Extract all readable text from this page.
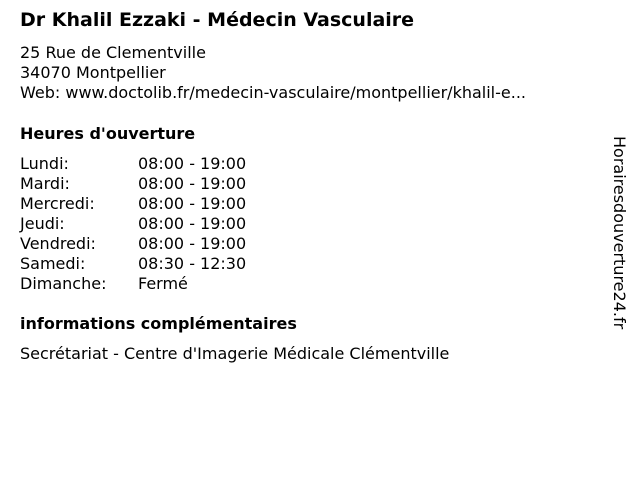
Dr Khalil Ezzaki - Médecin Vasculaire
25 Rue de Clementville
34070 Montpellier
Web: www.doctolib.fr/medecin-vasculaire/montpellier/khalil-e...
Heures d'ouverture
Lundi:	08:00 - 19:00
Mardi:	08:00 - 19:00
Mercredi:	08:00 - 19:00
Jeudi:	08:00 - 19:00
Vendredi:	08:00 - 19:00
Samedi:	08:30 - 12:30
Dimanche: Fermé
informations complémentaires
Secrétariat - Centre d'Imagerie Médicale Clémentville
Horairesdouverture24.fr
